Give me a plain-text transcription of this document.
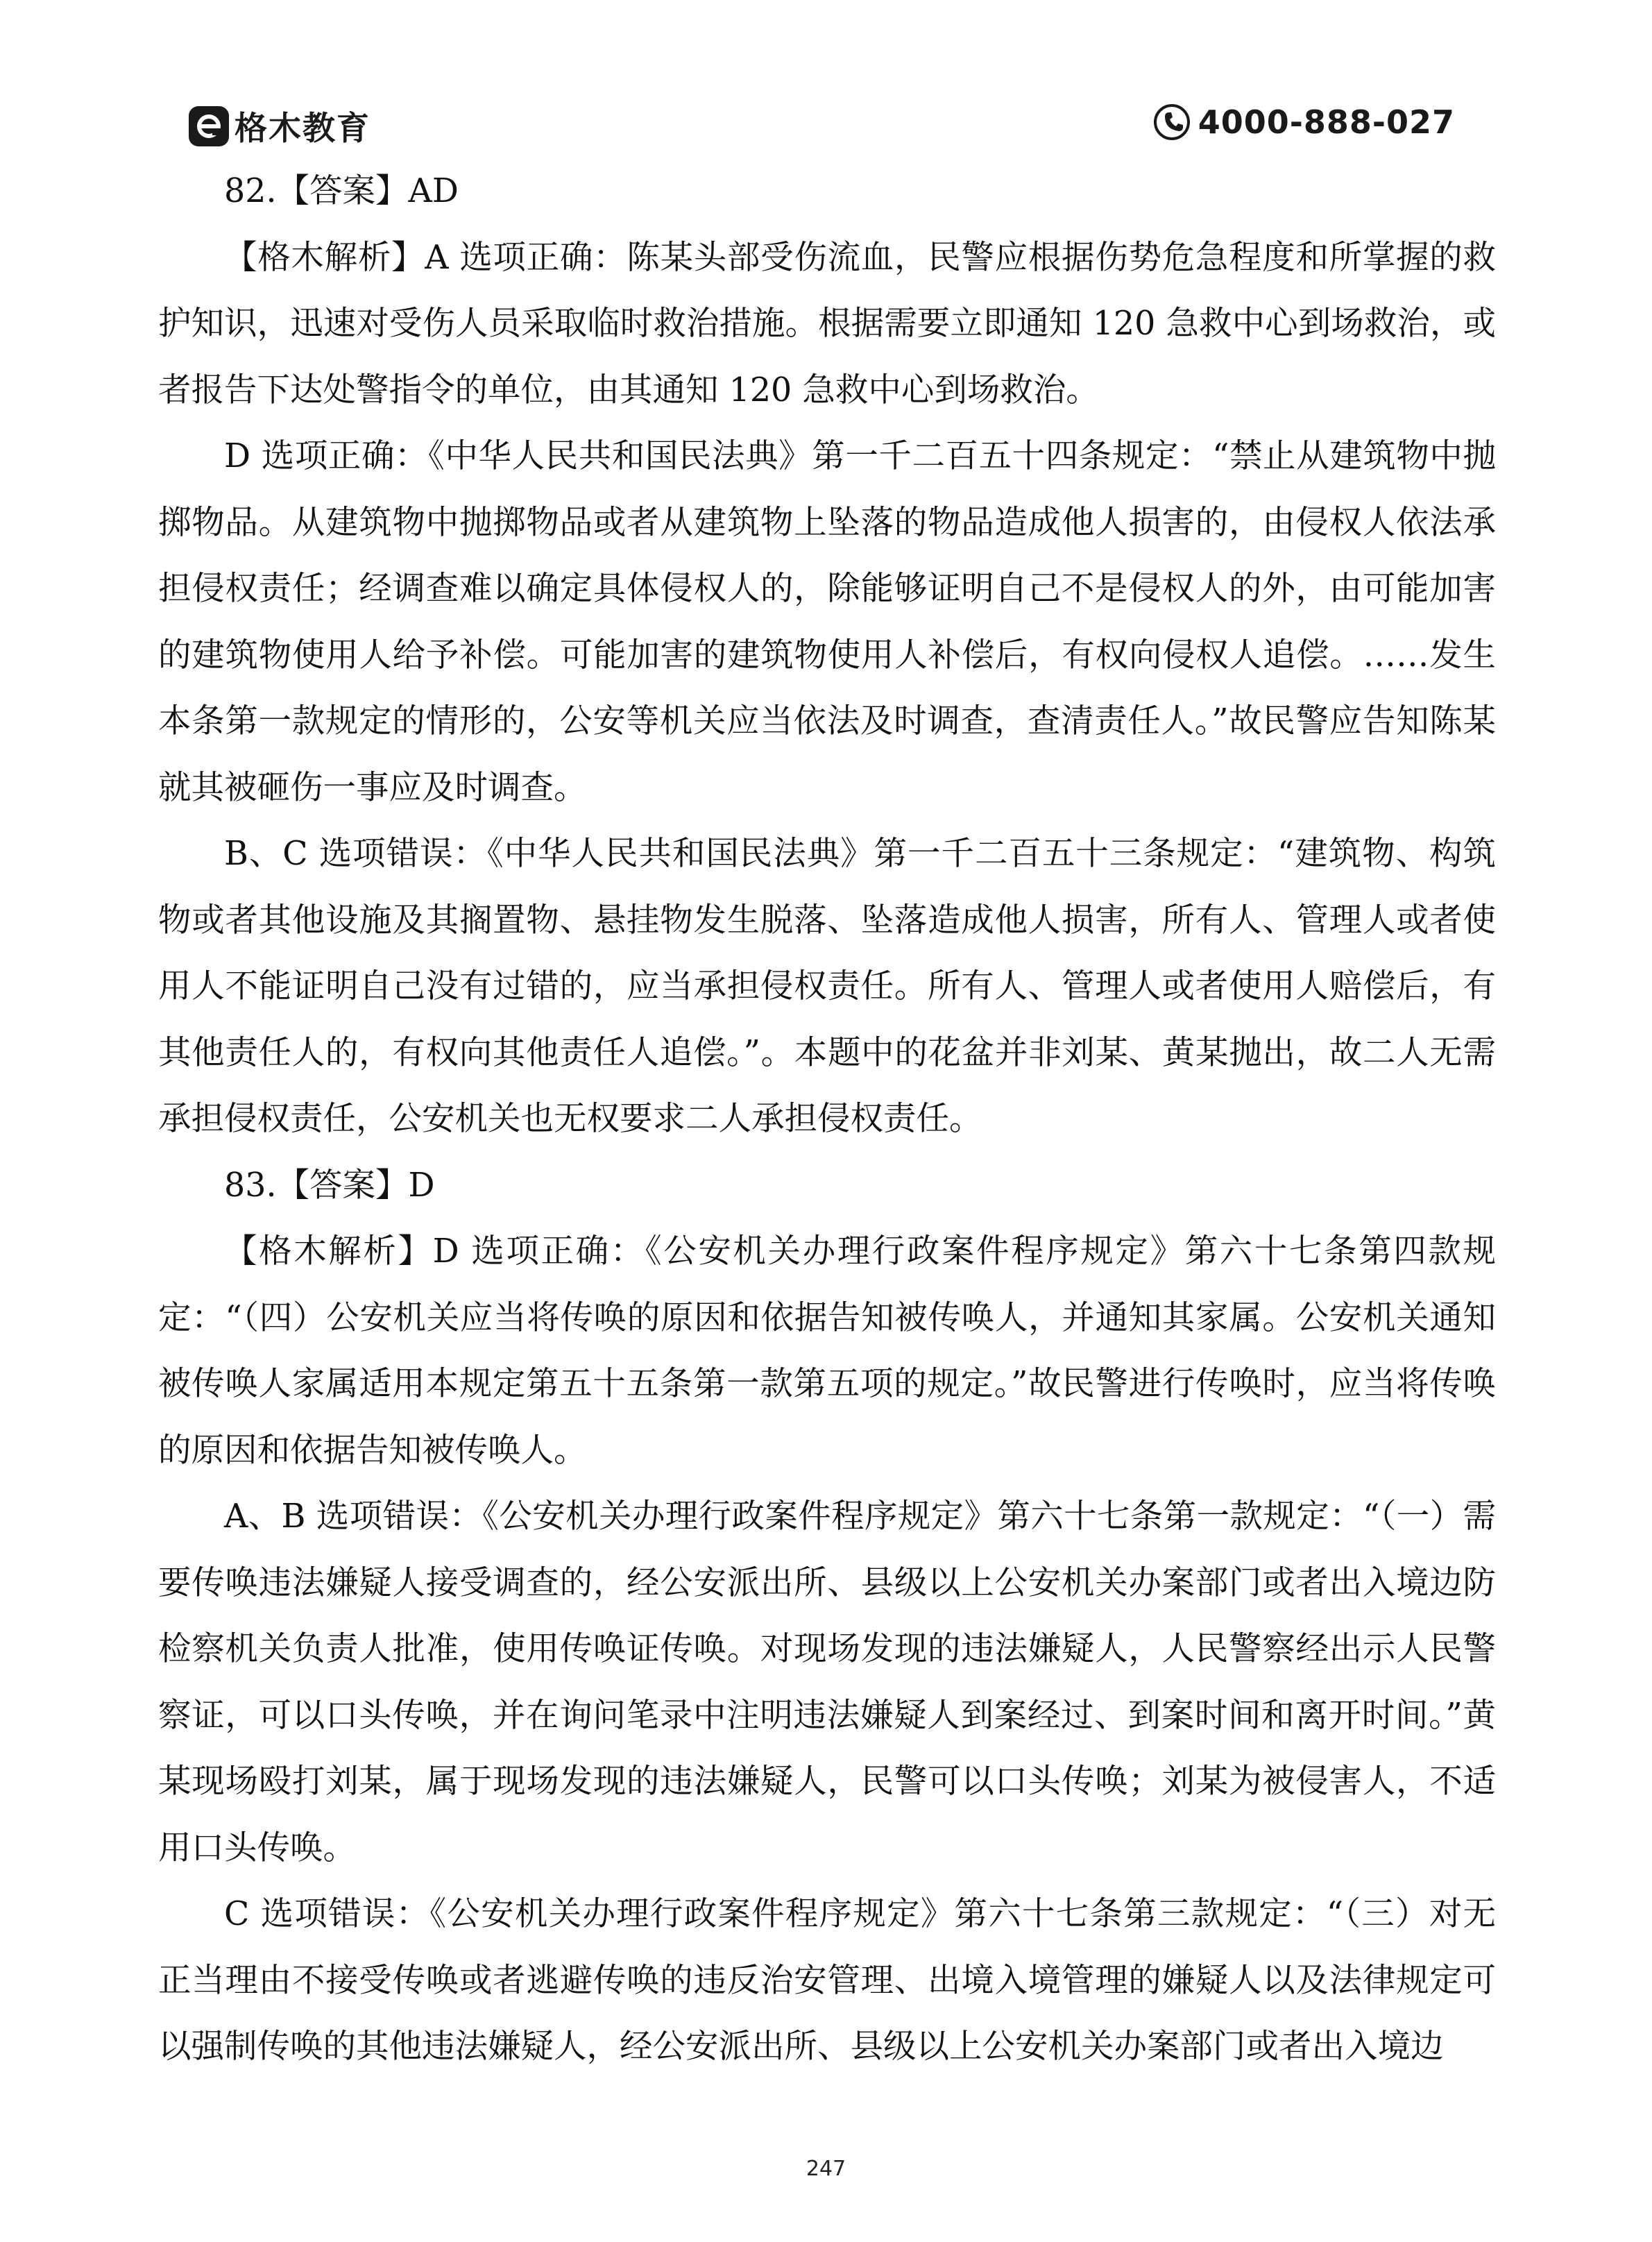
格木教育	4000-888-027

82.【答案】AD

【格木解析】A 选项正确：陈某头部受伤流血，民警应根据伤势危急程度和所掌握的救护知识，迅速对受伤人员采取临时救治措施。根据需要立即通知 120 急救中心到场救治，或者报告下达处警指令的单位，由其通知 120 急救中心到场救治。

D 选项正确：《中华人民共和国民法典》第一千二百五十四条规定：“禁止从建筑物中抛掷物品。从建筑物中抛掷物品或者从建筑物上坠落的物品造成他人损害的，由侵权人依法承担侵权责任；经调查难以确定具体侵权人的，除能够证明自己不是侵权人的外，由可能加害的建筑物使用人给予补偿。可能加害的建筑物使用人补偿后，有权向侵权人追偿。……发生本条第一款规定的情形的，公安等机关应当依法及时调查，查清责任人。”故民警应告知陈某就其被砸伤一事应及时调查。

B、C 选项错误：《中华人民共和国民法典》第一千二百五十三条规定：“建筑物、构筑物或者其他设施及其搁置物、悬挂物发生脱落、坠落造成他人损害，所有人、管理人或者使用人不能证明自己没有过错的，应当承担侵权责任。所有人、管理人或者使用人赔偿后，有其他责任人的，有权向其他责任人追偿。”。本题中的花盆并非刘某、黄某抛出，故二人无需承担侵权责任，公安机关也无权要求二人承担侵权责任。

83.【答案】D

【格木解析】D 选项正确：《公安机关办理行政案件程序规定》第六十七条第四款规定：“（四）公安机关应当将传唤的原因和依据告知被传唤人，并通知其家属。公安机关通知被传唤人家属适用本规定第五十五条第一款第五项的规定。”故民警进行传唤时，应当将传唤的原因和依据告知被传唤人。

A、B 选项错误：《公安机关办理行政案件程序规定》第六十七条第一款规定：“（一）需要传唤违法嫌疑人接受调查的，经公安派出所、县级以上公安机关办案部门或者出入境边防检察机关负责人批准，使用传唤证传唤。对现场发现的违法嫌疑人，人民警察经出示人民警察证，可以口头传唤，并在询问笔录中注明违法嫌疑人到案经过、到案时间和离开时间。”黄某现场殴打刘某，属于现场发现的违法嫌疑人，民警可以口头传唤；刘某为被侵害人，不适用口头传唤。

C 选项错误：《公安机关办理行政案件程序规定》第六十七条第三款规定：“（三）对无正当理由不接受传唤或者逃避传唤的违反治安管理、出境入境管理的嫌疑人以及法律规定可以强制传唤的其他违法嫌疑人，经公安派出所、县级以上公安机关办案部门或者出入境边

247
